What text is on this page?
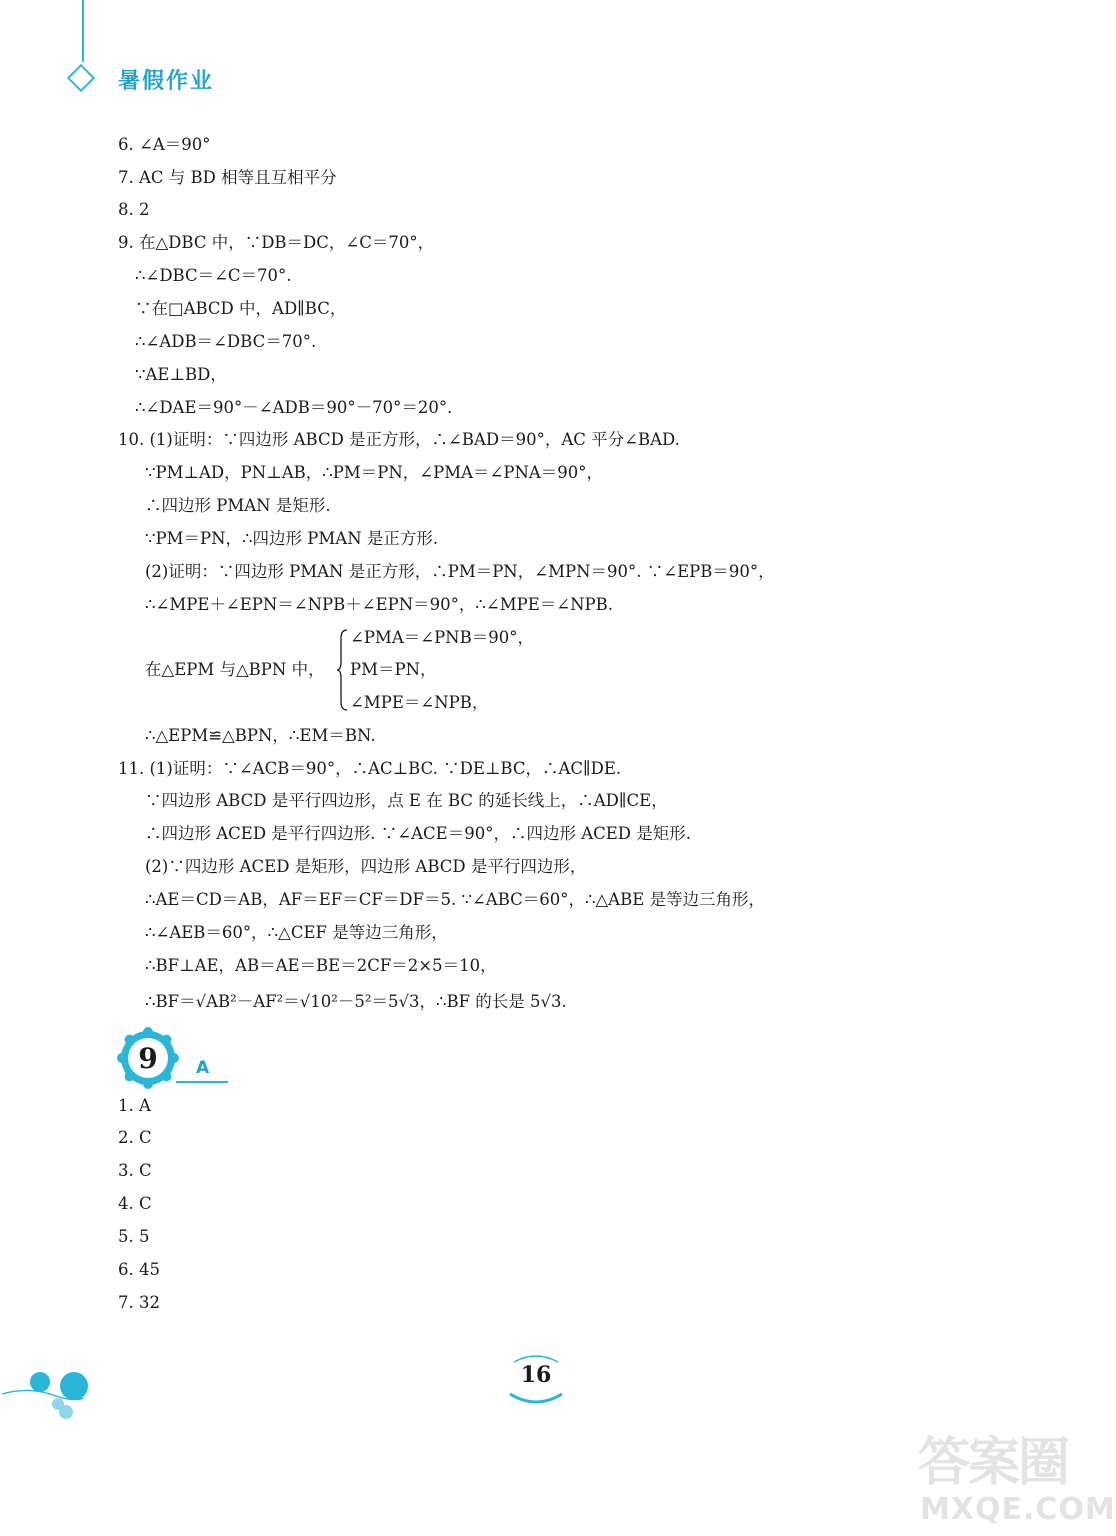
暑假作业
6. ∠A＝90°
7. AC 与 BD 相等且互相平分
8. 2
9. 在△DBC 中，∵DB＝DC，∠C＝70°，
∴∠DBC＝∠C＝70°.
∵在□ABCD 中，AD∥BC，
∴∠ADB＝∠DBC＝70°.
∵AE⊥BD，
∴∠DAE＝90°－∠ADB＝90°－70°＝20°.
10. (1)证明：∵四边形 ABCD 是正方形，∴∠BAD＝90°，AC 平分∠BAD.
∵PM⊥AD，PN⊥AB，∴PM＝PN，∠PMA＝∠PNA＝90°，
∴四边形 PMAN 是矩形.
∵PM＝PN，∴四边形 PMAN 是正方形.
(2)证明：∵四边形 PMAN 是正方形，∴PM＝PN，∠MPN＝90°. ∵∠EPB＝90°，
∴∠MPE＋∠EPN＝∠NPB＋∠EPN＝90°，∴∠MPE＝∠NPB.
在△EPM 与△BPN 中，
∠PMA＝∠PNB＝90°，
PM＝PN，
∠MPE＝∠NPB，
∴△EPM≌△BPN，∴EM＝BN.
11. (1)证明：∵∠ACB＝90°，∴AC⊥BC. ∵DE⊥BC，∴AC∥DE.
∵四边形 ABCD 是平行四边形，点 E 在 BC 的延长线上，∴AD∥CE，
∴四边形 ACED 是平行四边形. ∵∠ACE＝90°，∴四边形 ACED 是矩形.
(2)∵四边形 ACED 是矩形，四边形 ABCD 是平行四边形，
∴AE＝CD＝AB，AF＝EF＝CF＝DF＝5. ∵∠ABC＝60°，∴△ABE 是等边三角形，
∴∠AEB＝60°，∴△CEF 是等边三角形，
∴BF⊥AE，AB＝AE＝BE＝2CF＝2×5＝10，
∴BF＝√AB²－AF²＝√10²－5²＝5√3，∴BF 的长是 5√3.
9	A
1. A
2. C
3. C
4. C
5. 5
6. 45
7. 32
16
答案圈
MXQE.COM
